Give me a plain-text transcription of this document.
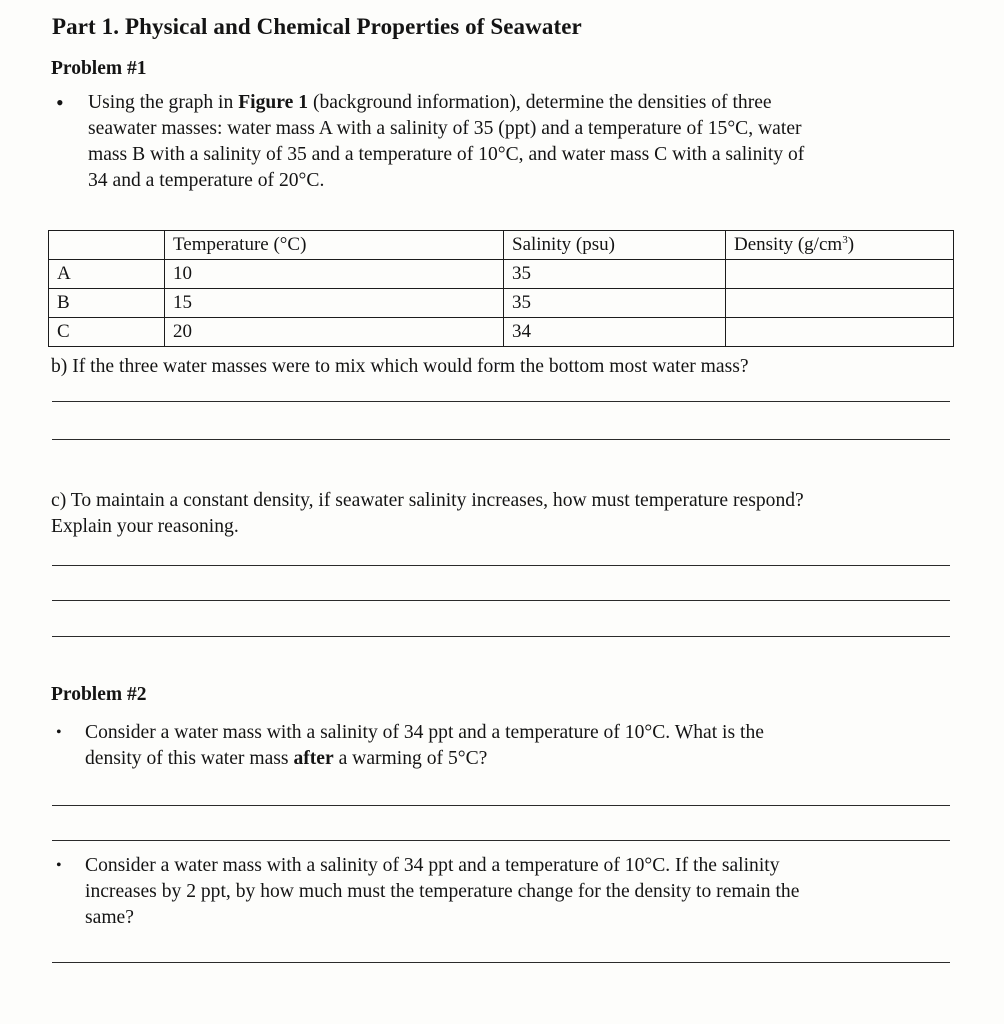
Part 1. Physical and Chemical Properties of Seawater
Problem #1
• Using the graph in Figure 1 (background information), determine the densities of three
seawater masses: water mass A with a salinity of 35 (ppt) and a temperature of 15°C, water
mass B with a salinity of 35 and a temperature of 10°C, and water mass C with a salinity of
34 and a temperature of 20°C.
	Temperature (°C)	Salinity (psu)	Density $(g/cm^3)$
A	10	35	
B	15	35	
C	20	34	
b) If the three water masses were to mix which would form the bottom most water mass?
c) To maintain a constant density, if seawater salinity increases, how must temperature respond?
Explain your reasoning.
Problem #2
• Consider a water mass with a salinity of 34 ppt and a temperature of 10°C. What is the
density of this water mass after a warming of 5°C?
• Consider a water mass with a salinity of 34 ppt and a temperature of 10°C. If the salinity
increases by 2 ppt, by how much must the temperature change for the density to remain the
same?
